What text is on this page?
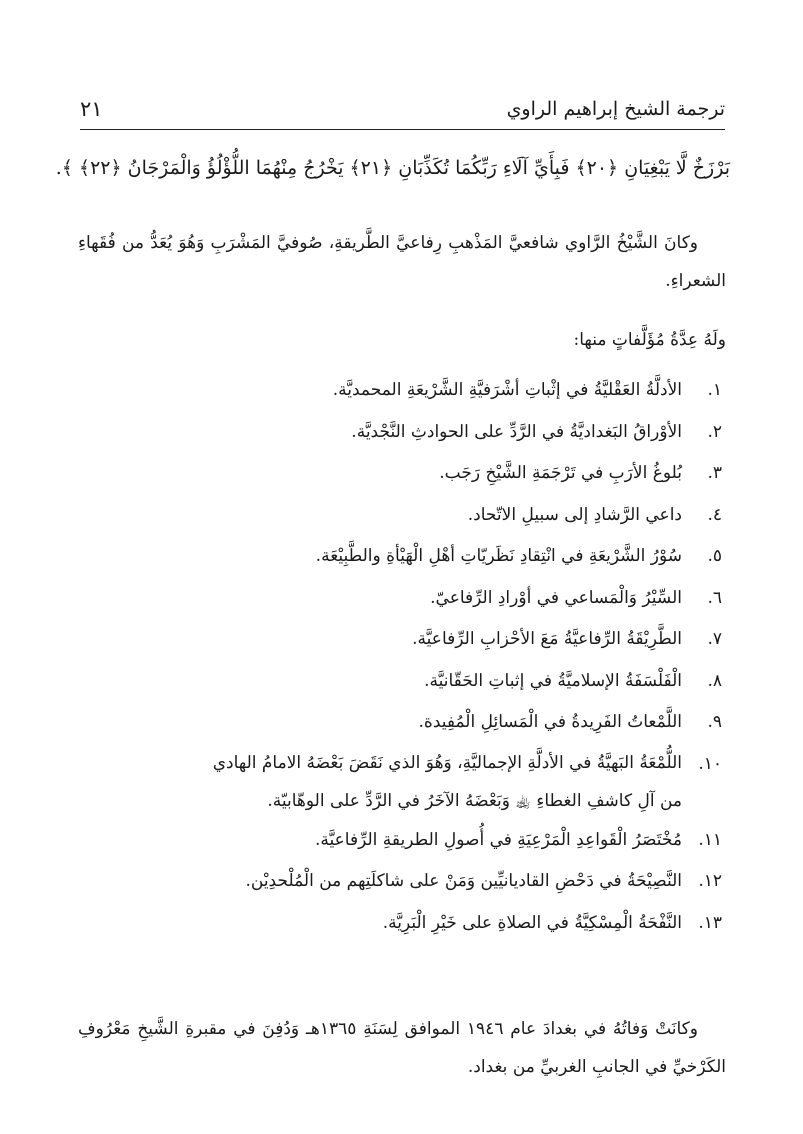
٢١	ترجمة الشيخ إبراهيم الراوي
بَرْزَخٌ لَّا يَبْغِيَانِ ﴿٢٠﴾ فَبِأَيِّ آلَاءِ رَبِّكُمَا تُكَذِّبَانِ ﴿٢١﴾ يَخْرُجُ مِنْهُمَا اللُّؤْلُؤُ وَالْمَرْجَانُ ﴿٢٢﴾ ﴾.

وكانَ الشَّيْخُ الرَّاوي شافعيَّ المَذْهبِ رِفاعيَّ الطَّريقةِ، صُوفيَّ المَشْرَبِ وَهُوَ يُعَدُّ من فُقَهاءِ الشعراءِ.

ولَهُ عِدَّةُ مُؤَلَّفاتٍ منها:
١.
الأدلَّةُ العَقْليَّةُ في إثْباتِ أشْرَفيَّةِ الشَّرْيعَةِ المحمديَّة.
٢.
الأوْراقُ البَغداديَّةُ في الرَّدِّ على الحوادثِ النَّجْديَّة.
٣.
بُلوغُ الأرَبِ في تَرْجَمَةِ الشَّيْخِ رَجَب.
٤.
داعي الرَّشادِ إلى سبيلِ الاتّحاد.
٥.
سُوْرُ الشَّرْيعَةِ في انْتِقادِ نَظَريّاتِ أهْلِ الْهَيْأةِ والطَّبِيْعَة.
٦.
السِّيْرُ وَالْمَساعي في أوْرادِ الرِّفاعيّ.
٧.
الطَّرِيْقَةُ الرِّفاعيَّةُ مَعَ الأحْزابِ الرِّفاعيَّة.
٨.
الْفَلْسَفَةُ الإسلاميَّةُ في إثباتِ الحَقّانيَّة.
٩.
اللَّمْعاتُ الفَرِيدةُ في الْمَسائِلِ الْمُفِيدة.
١٠.
اللُّمْعَةُ البَهيَّةُ في الأدلَّةِ الإجماليَّةِ، وَهُوَ الذي نَقَضَ بَعْضَهُ الامامُ الهادي
من آلِ كاشفِ الغطاءِ ﵀ وَبَعْضَهُ الآخَرُ في الرَّدِّ على الوهّابيّة.
١١.
مُخْتَصَرُ الْقَواعِدِ الْمَرْعِيَةِ في أُصولِ الطريقةِ الرِّفاعيَّة.
١٢.
النَّصِيْحَةُ في دَحْضِ القاديانيِّين وَمَنْ على شاكلَتِهم من الْمُلْحدِيْن.
١٣.
النَّفْحَةُ الْمِسْكِيَّةُ في الصلاةِ على خَيْرِ الْبَرِيَّة.

وكانَتْ وَفاتُهُ في بغدادَ عام ١٩٤٦ الموافق لِسَنَةِ ١٣٦٥هـ وَدُفِنَ في مقبرةِ الشَّيخِ مَعْرُوفِ الكَرْخيِّ في الجانبِ الغربيِّ من بغداد.
